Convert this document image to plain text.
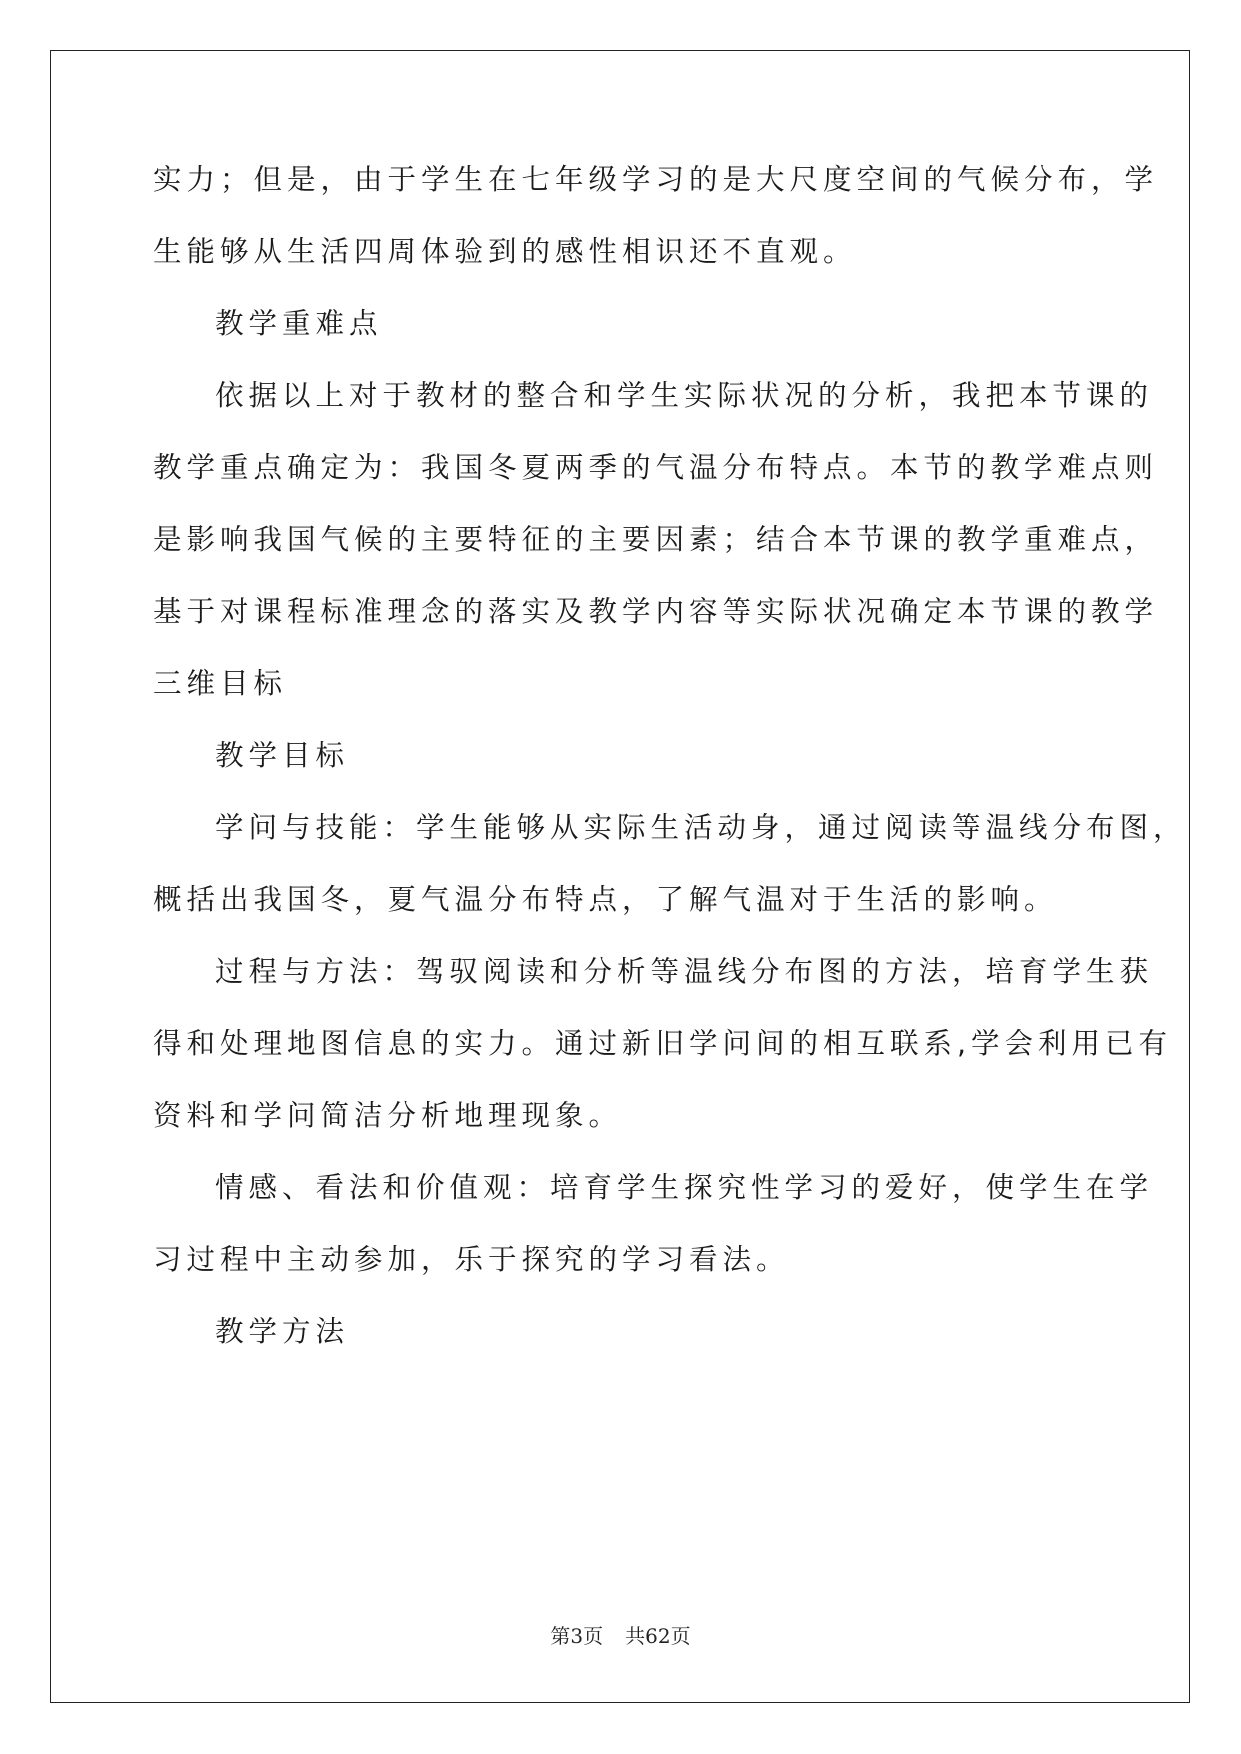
实力；但是，由于学生在七年级学习的是大尺度空间的气候分布，学
生能够从生活四周体验到的感性相识还不直观。
教学重难点
依据以上对于教材的整合和学生实际状况的分析，我把本节课的
教学重点确定为：我国冬夏两季的气温分布特点。本节的教学难点则
是影响我国气候的主要特征的主要因素；结合本节课的教学重难点，
基于对课程标准理念的落实及教学内容等实际状况确定本节课的教学
三维目标
教学目标
学问与技能：学生能够从实际生活动身，通过阅读等温线分布图，
概括出我国冬，夏气温分布特点，了解气温对于生活的影响。
过程与方法：驾驭阅读和分析等温线分布图的方法，培育学生获
得和处理地图信息的实力。通过新旧学问间的相互联系,学会利用已有
资料和学问简洁分析地理现象。
情感、看法和价值观：培育学生探究性学习的爱好，使学生在学
习过程中主动参加，乐于探究的学习看法。
教学方法
第3页 共62页
